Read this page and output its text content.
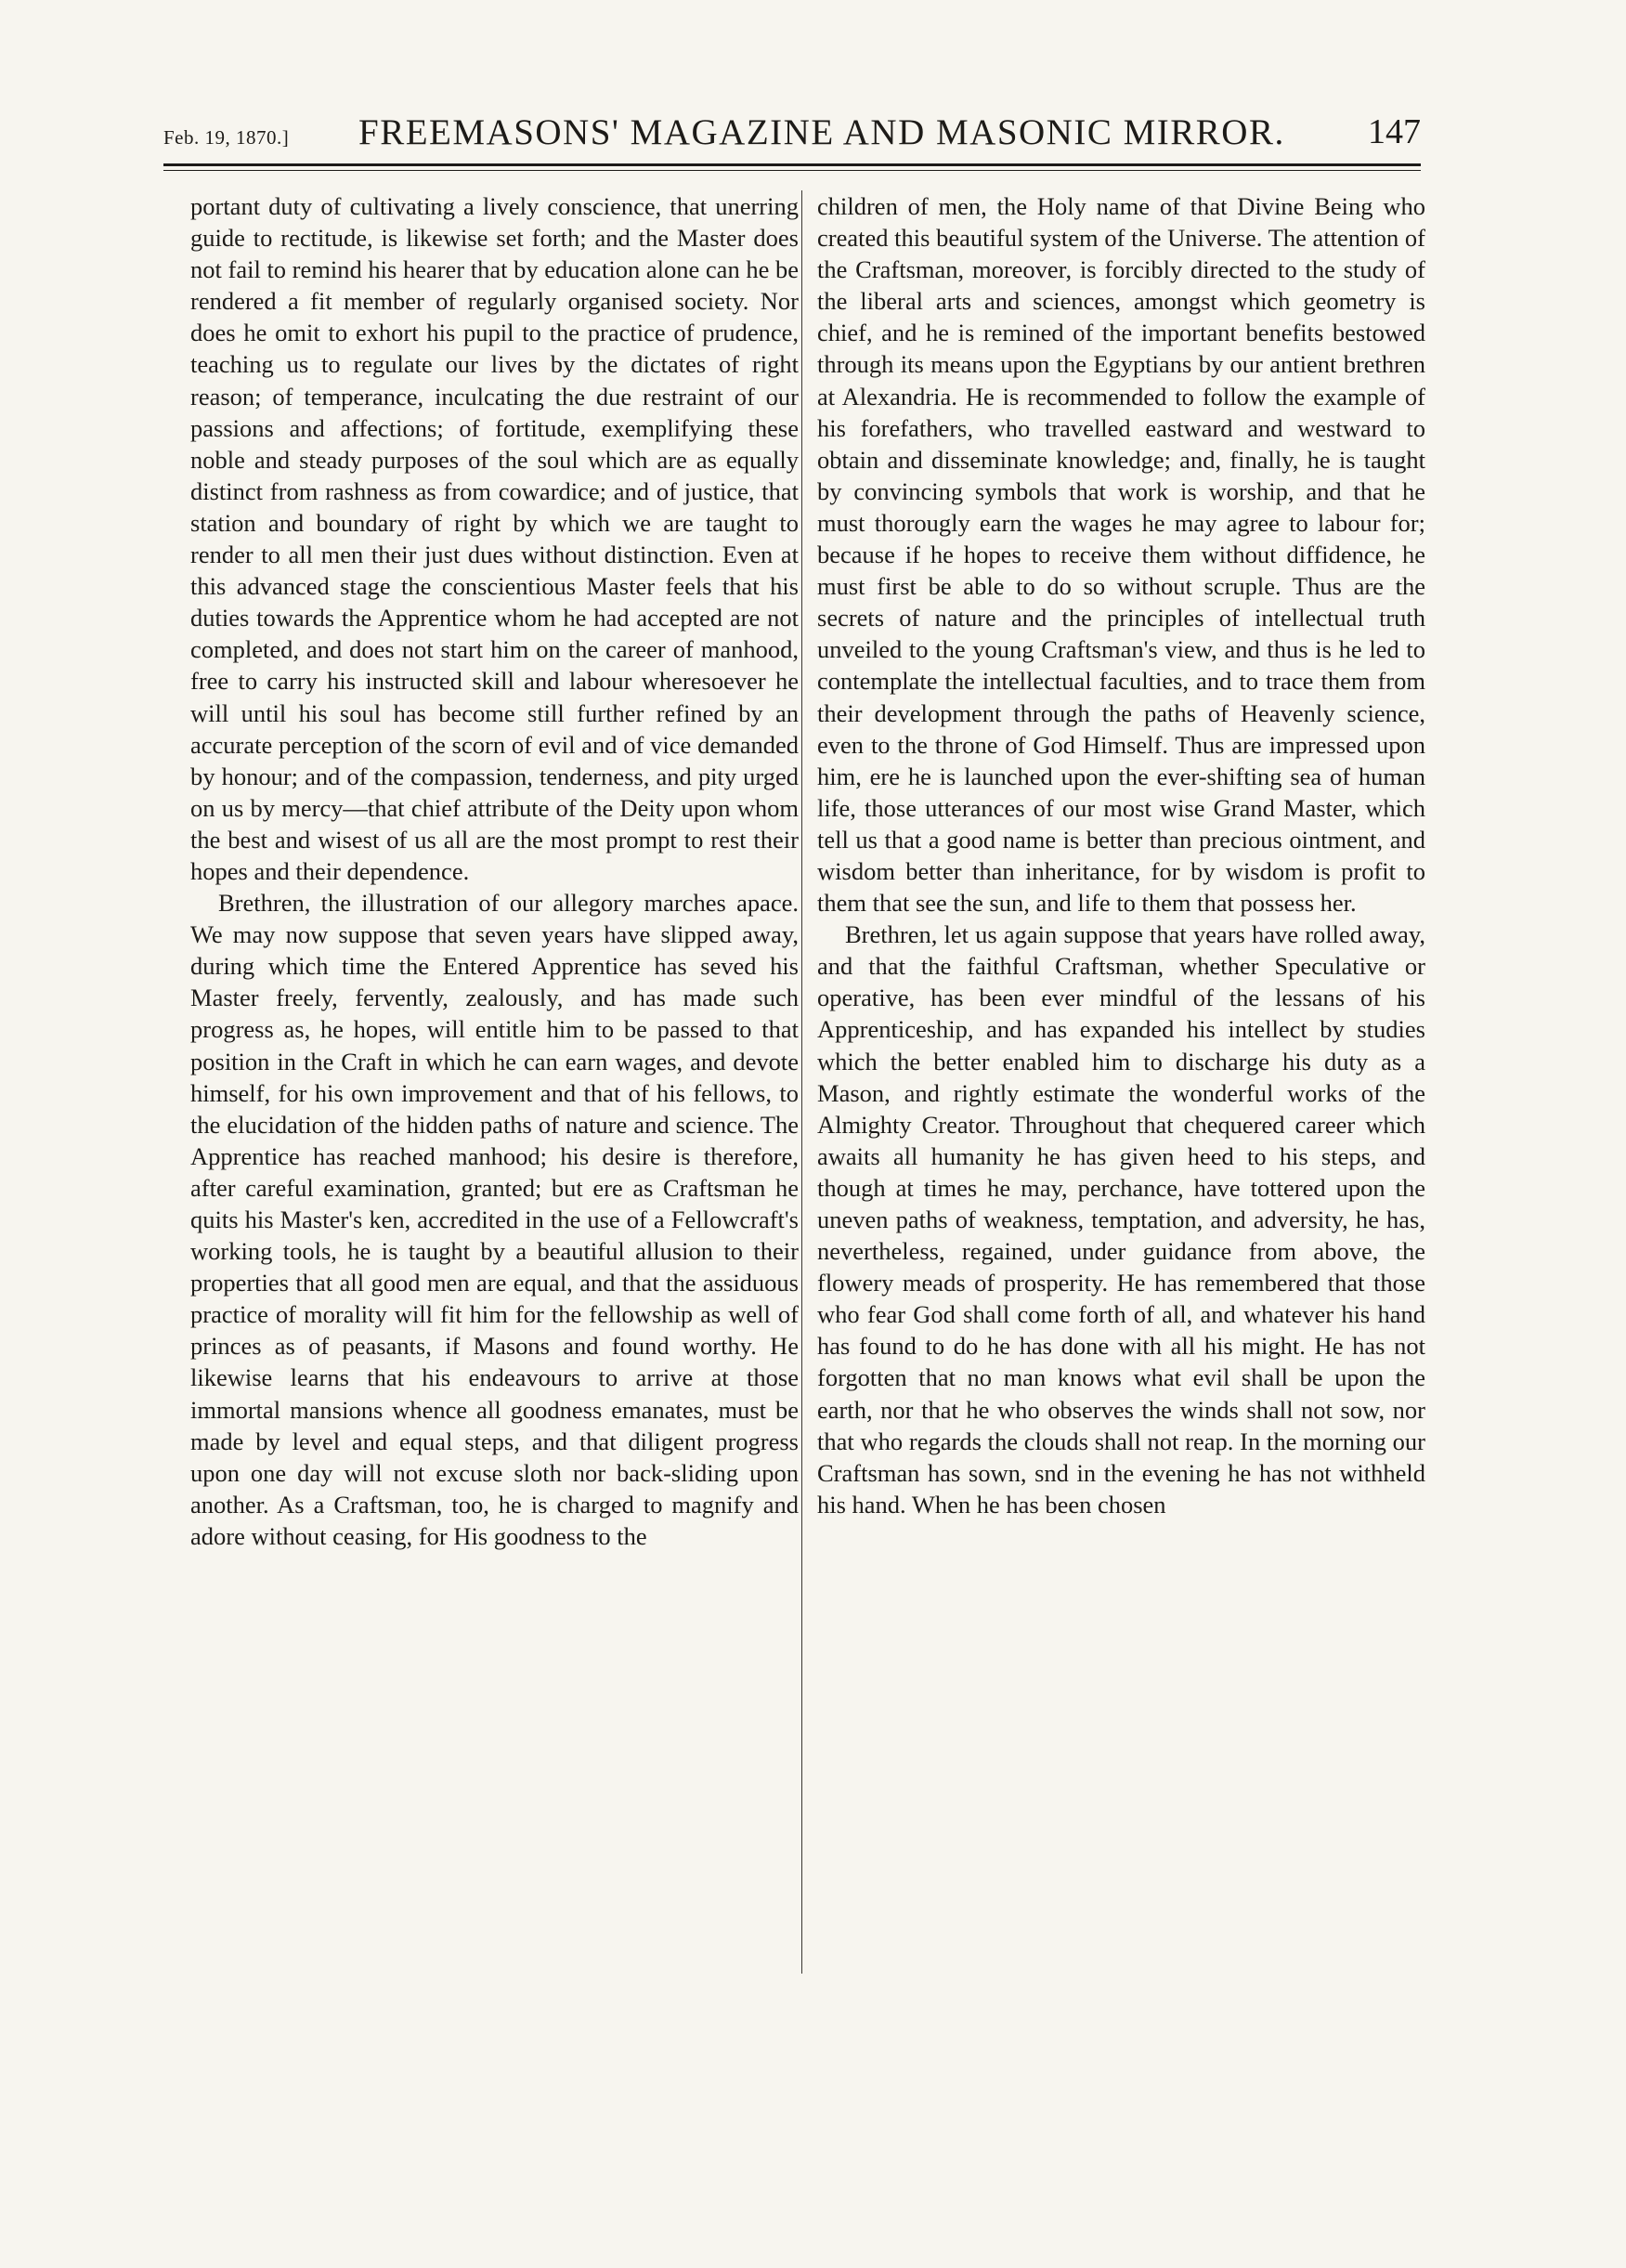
Feb. 19, 1870.] FREEMASONS' MAGAZINE AND MASONIC MIRROR. 147

portant duty of cultivating a lively conscience, that unerring guide to rectitude, is likewise set forth; and the Master does not fail to remind his hearer that by education alone can he be rendered a fit member of regularly organised society. Nor does he omit to exhort his pupil to the practice of prudence, teaching us to regulate our lives by the dictates of right reason; of temperance, inculcating the due restraint of our passions and affections; of fortitude, exemplifying these noble and steady purposes of the soul which are as equally distinct from rashness as from cowardice; and of justice, that station and boundary of right by which we are taught to render to all men their just dues without distinction. Even at this advanced stage the conscientious Master feels that his duties towards the Apprentice whom he had accepted are not completed, and does not start him on the career of manhood, free to carry his instructed skill and labour wheresoever he will until his soul has become still further refined by an accurate perception of the scorn of evil and of vice demanded by honour; and of the compassion, tenderness, and pity urged on us by mercy—that chief attribute of the Deity upon whom the best and wisest of us all are the most prompt to rest their hopes and their dependence.

Brethren, the illustration of our allegory marches apace. We may now suppose that seven years have slipped away, during which time the Entered Apprentice has seved his Master freely, fervently, zealously, and has made such progress as, he hopes, will entitle him to be passed to that position in the Craft in which he can earn wages, and devote himself, for his own improvement and that of his fellows, to the elucidation of the hidden paths of nature and science. The Apprentice has reached manhood; his desire is therefore, after careful examination, granted; but ere as Craftsman he quits his Master's ken, accredited in the use of a Fellowcraft's working tools, he is taught by a beautiful allusion to their properties that all good men are equal, and that the assiduous practice of morality will fit him for the fellowship as well of princes as of peasants, if Masons and found worthy. He likewise learns that his endeavours to arrive at those immortal mansions whence all goodness emanates, must be made by level and equal steps, and that diligent progress upon one day will not excuse sloth nor back-sliding upon another. As a Craftsman, too, he is charged to magnify and adore without ceasing, for His goodness to the

children of men, the Holy name of that Divine Being who created this beautiful system of the Universe. The attention of the Craftsman, moreover, is forcibly directed to the study of the liberal arts and sciences, amongst which geometry is chief, and he is remined of the important benefits bestowed through its means upon the Egyptians by our antient brethren at Alexandria. He is recommended to follow the example of his forefathers, who travelled eastward and westward to obtain and disseminate knowledge; and, finally, he is taught by convincing symbols that work is worship, and that he must thorougly earn the wages he may agree to labour for; because if he hopes to receive them without diffidence, he must first be able to do so without scruple. Thus are the secrets of nature and the principles of intellectual truth unveiled to the young Craftsman's view, and thus is he led to contemplate the intellectual faculties, and to trace them from their development through the paths of Heavenly science, even to the throne of God Himself. Thus are impressed upon him, ere he is launched upon the ever-shifting sea of human life, those utterances of our most wise Grand Master, which tell us that a good name is better than precious ointment, and wisdom better than inheritance, for by wisdom is profit to them that see the sun, and life to them that possess her.

Brethren, let us again suppose that years have rolled away, and that the faithful Craftsman, whether Speculative or operative, has been ever mindful of the lessans of his Apprenticeship, and has expanded his intellect by studies which the better enabled him to discharge his duty as a Mason, and rightly estimate the wonderful works of the Almighty Creator. Throughout that chequered career which awaits all humanity he has given heed to his steps, and though at times he may, perchance, have tottered upon the uneven paths of weakness, temptation, and adversity, he has, nevertheless, regained, under guidance from above, the flowery meads of prosperity. He has remembered that those who fear God shall come forth of all, and whatever his hand has found to do he has done with all his might. He has not forgotten that no man knows what evil shall be upon the earth, nor that he who observes the winds shall not sow, nor that who regards the clouds shall not reap. In the morning our Craftsman has sown, snd in the evening he has not withheld his hand. When he has been chosen
